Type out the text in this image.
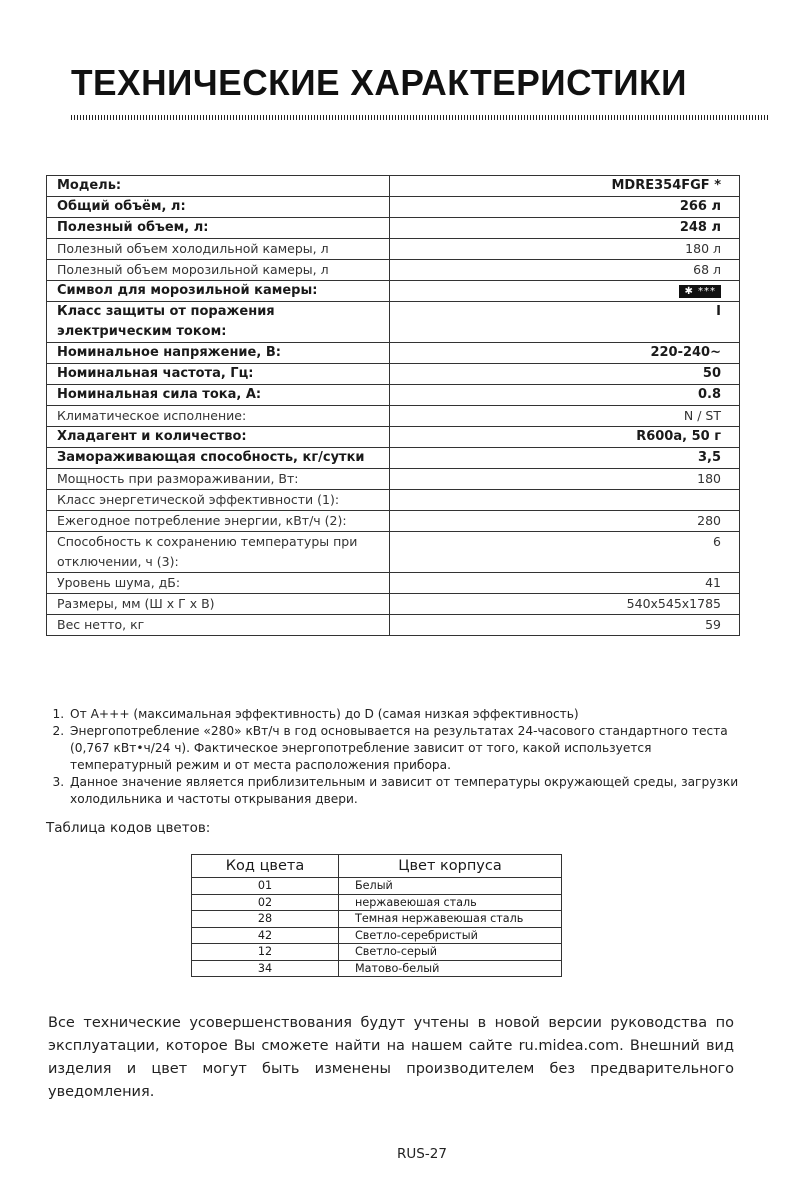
ТЕХНИЧЕСКИЕ ХАРАКТЕРИСТИКИ
Модель:	MDRE354FGF *
Общий объём, л:	266 л
Полезный объем, л:	248 л
Полезный объем холодильной камеры, л	180 л
Полезный объем морозильной камеры, л	68 л
Символ для морозильной камеры:	✱ ***
Класс защиты от поражения электрическим током:	I
Номинальное напряжение, В:	220-240~
Номинальная частота, Гц:	50
Номинальная сила тока, А:	0.8
Климатическое исполнение:	N / ST
Хладагент и количество:	R600a, 50 г
Замораживающая способность, кг/сутки	3,5
Мощность при размораживании, Вт:	180
Класс энергетической эффективности (1):	
Ежегодное потребление энергии, кВт/ч (2):	280
Способность к сохранению температуры при отключении, ч (3):	6
Уровень шума, дБ:	41
Размеры, мм (Ш х Г х В)	540x545x1785
Вес нетто, кг	59
1. От А+++ (максимальная эффективность) до D (самая низкая эффективность)
2. Энергопотребление «280» кВт/ч в год основывается на результатах 24-часового стандартного теста (0,767 кВт•ч/24 ч). Фактическое энергопотребление зависит от того, какой используется температурный режим и от места расположения прибора.
3. Данное значение является приблизительным и зависит от температуры окружающей среды, загрузки холодильника и частоты открывания двери.
Таблица кодов цветов:
Код цвета	Цвет корпуса
01	Белый
02	нержавеюшая сталь
28	Темная нержавеюшая сталь
42	Светло-серебристый
12	Светло-серый
34	Матово-белый

Все технические усовершенствования будут учтены в новой версии руководства по эксплуатации, которое Вы сможете найти на нашем сайте ru.midea.com. Внешний вид изделия и цвет могут быть изменены производителем без предварительного уведомления.

RUS-27
